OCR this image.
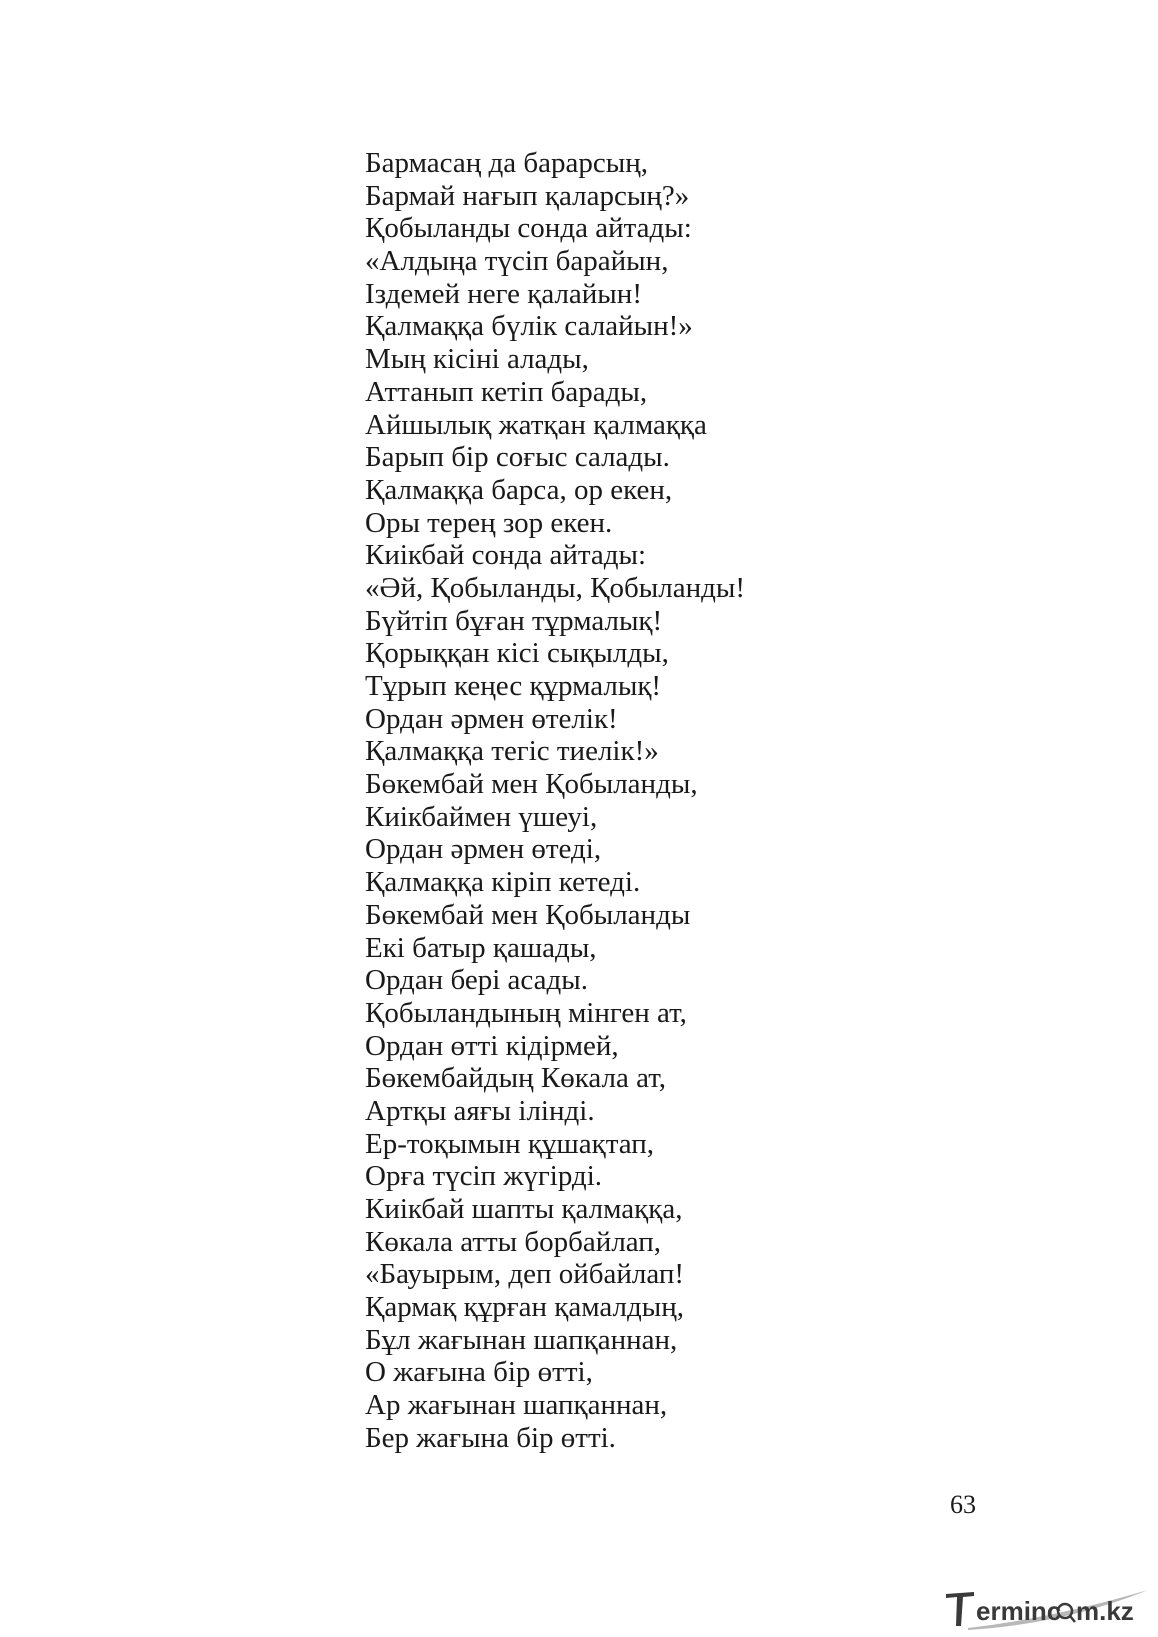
Бармасаң да бараpсың,
Бармай нағып қаларсың?»
Қобыланды сонда айтады:
«Алдыңа түсіп барайын,
Іздемей неге қалайын!
Қалмаққа бүлік салайын!»
Мың кісіні алады,
Аттанып кетіп барады,
Айшылық жатқан қалмаққа
Барып бір соғыс салады.
Қалмаққа барса, ор екен,
Оры терең зор екен.
Киікбай сонда айтады:
«Әй, Қобыланды, Қобыланды!
Бүйтіп бұған тұрмалық!
Қорыққан кісі сықылды,
Тұрып кеңес құрмалық!
Ордан әрмен өтелік!
Қалмаққа тегіс тиелік!»
Бөкембай мен Қобыланды,
Киікбаймен үшеуі,
Ордан әрмен өтеді,
Қалмаққа кіріп кетеді.
Бөкембай мен Қобыланды
Екі батыр қашады,
Ордан бері асады.
Қобыландының мінген ат,
Ордан өтті кідірмей,
Бөкембайдың Көкала ат,
Артқы аяғы ілінді.
Ер-тоқымын құшақтап,
Орға түсіп жүгірді.
Киікбай шапты қалмаққа,
Көкала атты борбайлап,
«Бауырым, деп ойбайлап!
Қармақ құрған қамалдың,
Бұл жағынан шапқаннан,
О жағына бір өтті,
Ар жағынан шапқаннан,
Бер жағына бір өтті.
63
erminc m.kz
